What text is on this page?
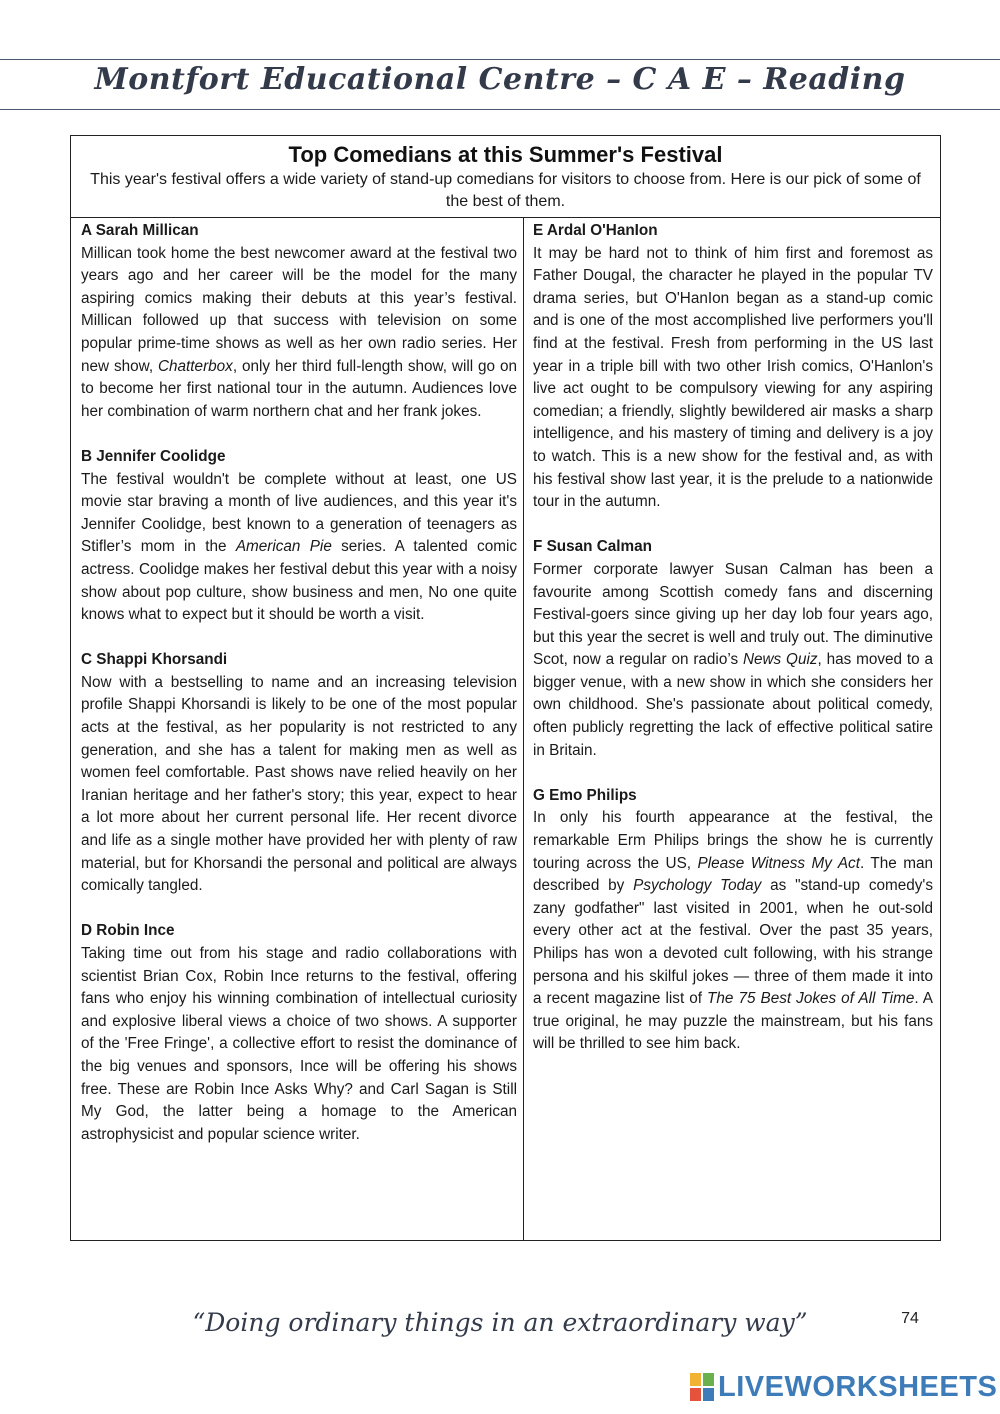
Montfort Educational Centre – C A E – Reading
Top Comedians at this Summer's Festival
This year's festival offers a wide variety of stand-up comedians for visitors to choose from. Here is our pick of some of the best of them.
A Sarah Millican
Millican took home the best newcomer award at the festival two years ago and her career will be the model for the many aspiring comics making their debuts at this year’s festival. Millican followed up that success with television on some popular prime-time shows as well as her own radio series. Her new show, Chatterbox, only her third full-length show, will go on to become her first national tour in the autumn. Audiences love her combination of warm northern chat and her frank jokes.
B Jennifer Coolidge
The festival wouldn't be complete without at least, one US movie star braving a month of live audiences, and this year it's Jennifer Coolidge, best known to a generation of teenagers as Stifler’s mom in the American Pie series. A talented comic actress. Coolidge makes her festival debut this year with a noisy show about pop culture, show business and men, No one quite knows what to expect but it should be worth a visit.
C Shappi Khorsandi
Now with a bestselling to name and an increasing television profile Shappi Khorsandi is likely to be one of the most popular acts at the festival, as her popularity is not restricted to any generation, and she has a talent for making men as well as women feel comfortable. Past shows nave relied heavily on her Iranian heritage and her father's story; this year, expect to hear a lot more about her current personal life. Her recent divorce and life as a single mother have provided her with plenty of raw material, but for Khorsandi the personal and political are always comically tangled.
D Robin Ince
Taking time out from his stage and radio collaborations with scientist Brian Cox, Robin Ince returns to the festival, offering fans who enjoy his winning combination of intellectual curiosity and explosive liberal views a choice of two shows. A supporter of the 'Free Fringe', a collective effort to resist the dominance of the big venues and sponsors, Ince will be offering his shows free. These are Robin Ince Asks Why? and Carl Sagan is Still My God, the latter being a homage to the American astrophysicist and popular science writer.
E Ardal O'HanIon
It may be hard not to think of him first and foremost as Father Dougal, the character he played in the popular TV drama series, but O'HanIon began as a stand-up comic and is one of the most accomplished live performers you'll find at the festival. Fresh from performing in the US last year in a triple bill with two other Irish comics, O'Hanlon's live act ought to be compulsory viewing for any aspiring comedian; a friendly, slightly bewildered air masks a sharp intelligence, and his mastery of timing and delivery is a joy to watch. This is a new show for the festival and, as with his festival show last year, it is the prelude to a nationwide tour in the autumn.
F Susan Calman
Former corporate lawyer Susan Calman has been a favourite among Scottish comedy fans and discerning Festival-goers since giving up her day lob four years ago, but this year the secret is well and truly out. The diminutive Scot, now a regular on radio’s News Quiz, has moved to a bigger venue, with a new show in which she considers her own childhood. She's passionate about political comedy, often publicly regretting the lack of effective political satire in Britain.
G Emo Philips
In only his fourth appearance at the festival, the remarkable Erm Philips brings the show he is currently touring across the US, Please Witness My Act. The man described by Psychology Today as "stand-up comedy's zany godfather" last visited in 2001, when he out-sold every other act at the festival. Over the past 35 years, Philips has won a devoted cult following, with his strange persona and his skilful jokes — three of them made it into a recent magazine list of The 75 Best Jokes of All Time. A true original, he may puzzle the mainstream, but his fans will be thrilled to see him back.
“Doing ordinary things in an extraordinary way”	74
LIVEWORKSHEETS
